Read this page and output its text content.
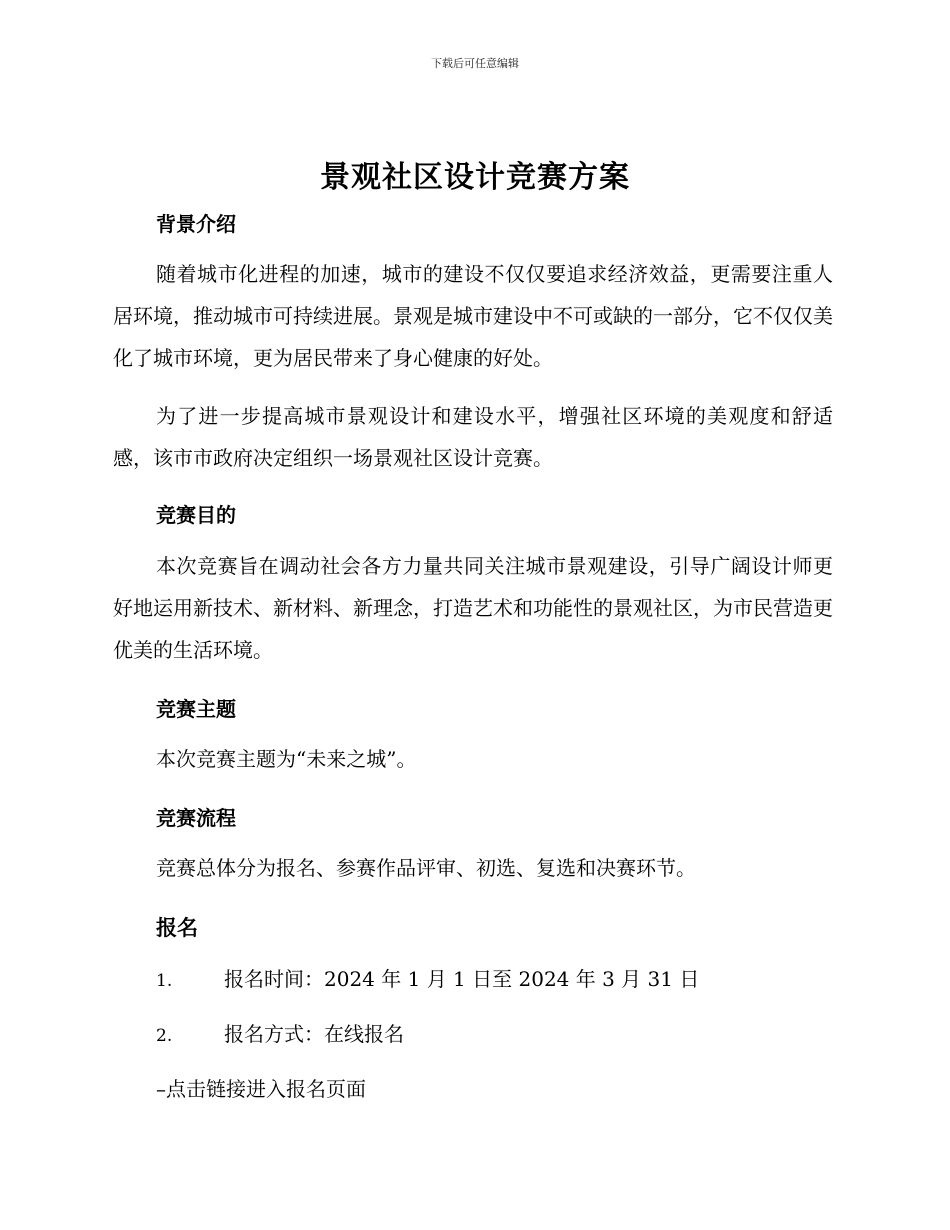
下载后可任意编辑
景观社区设计竞赛方案
背景介绍
随着城市化进程的加速，城市的建设不仅仅要追求经济效益，更需要注重人居环境，推动城市可持续进展。景观是城市建设中不可或缺的一部分，它不仅仅美化了城市环境，更为居民带来了身心健康的好处。
为了进一步提高城市景观设计和建设水平，增强社区环境的美观度和舒适感，该市市政府决定组织一场景观社区设计竞赛。
竞赛目的
本次竞赛旨在调动社会各方力量共同关注城市景观建设，引导广阔设计师更好地运用新技术、新材料、新理念，打造艺术和功能性的景观社区，为市民营造更优美的生活环境。
竞赛主题
本次竞赛主题为“未来之城”。
竞赛流程
竞赛总体分为报名、参赛作品评审、初选、复选和决赛环节。
报名
1.	报名时间：2024 年 1 月 1 日至 2024 年 3 月 31 日
2.	报名方式：在线报名
–点击链接进入报名页面
